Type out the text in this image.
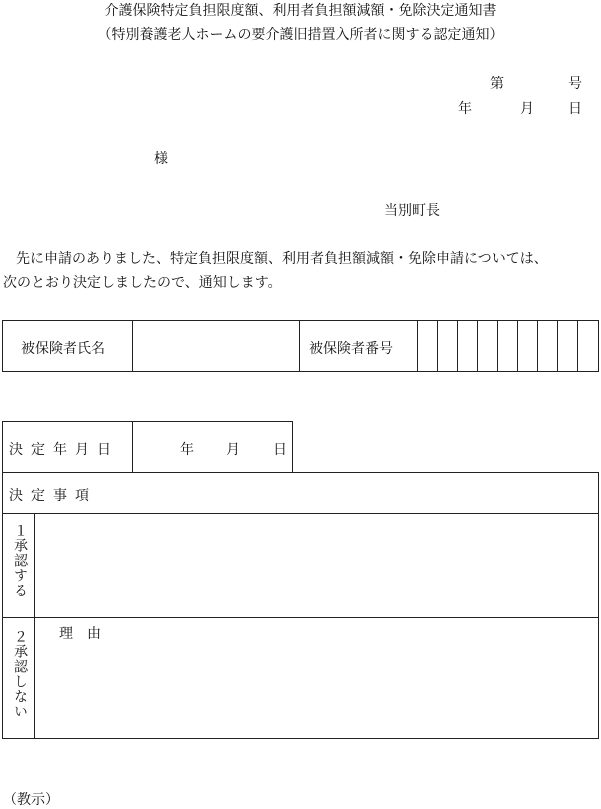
介護保険特定負担限度額、利用者負担額減額・免除決定通知書
（特別養護老人ホームの要介護旧措置入所者に関する認定通知）
第	号
年	月 日
様
当別町長
先に申請のありました、特定負担限度額、利用者負担額減額・免除申請については、
次のとおり決定しましたので、通知します。
被保険者氏名	被保険者番号
決定年月日	年 月 日
決定事項
１承認する
２承認しない 理　由
（教示）
